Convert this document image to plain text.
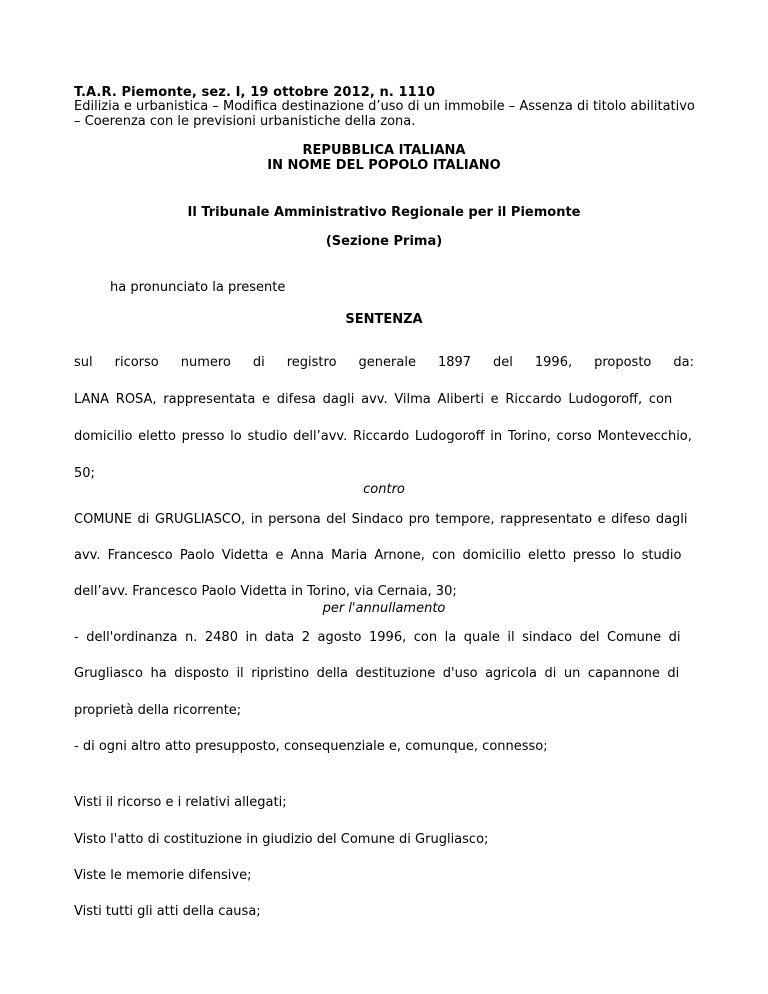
T.A.R. Piemonte, sez. I, 19 ottobre 2012, n. 1110
Edilizia e urbanistica – Modifica destinazione d’uso di un immobile – Assenza di titolo abilitativo – Coerenza con le previsioni urbanistiche della zona.
REPUBBLICA ITALIANA
IN NOME DEL POPOLO ITALIANO
Il Tribunale Amministrativo Regionale per il Piemonte
(Sezione Prima)
ha pronunciato la presente
SENTENZA
sul ricorso numero di registro generale 1897 del 1996, proposto da:
LANA ROSA, rappresentata e difesa dagli avv. Vilma Aliberti e Riccardo Ludogoroff, con
domicilio eletto presso lo studio dell’avv. Riccardo Ludogoroff in Torino, corso Montevecchio,
50;
contro
COMUNE di GRUGLIASCO, in persona del Sindaco pro tempore, rappresentato e difeso dagli
avv. Francesco Paolo Videtta e Anna Maria Arnone, con domicilio eletto presso lo studio
dell’avv. Francesco Paolo Videtta in Torino, via Cernaia, 30;
per l'annullamento
- dell'ordinanza n. 2480 in data 2 agosto 1996, con la quale il sindaco del Comune di
Grugliasco ha disposto il ripristino della destituzione d'uso agricola di un capannone di
proprietà della ricorrente;
- di ogni altro atto presupposto, consequenziale e, comunque, connesso;
Visti il ricorso e i relativi allegati;
Visto l'atto di costituzione in giudizio del Comune di Grugliasco;
Viste le memorie difensive;
Visti tutti gli atti della causa;
